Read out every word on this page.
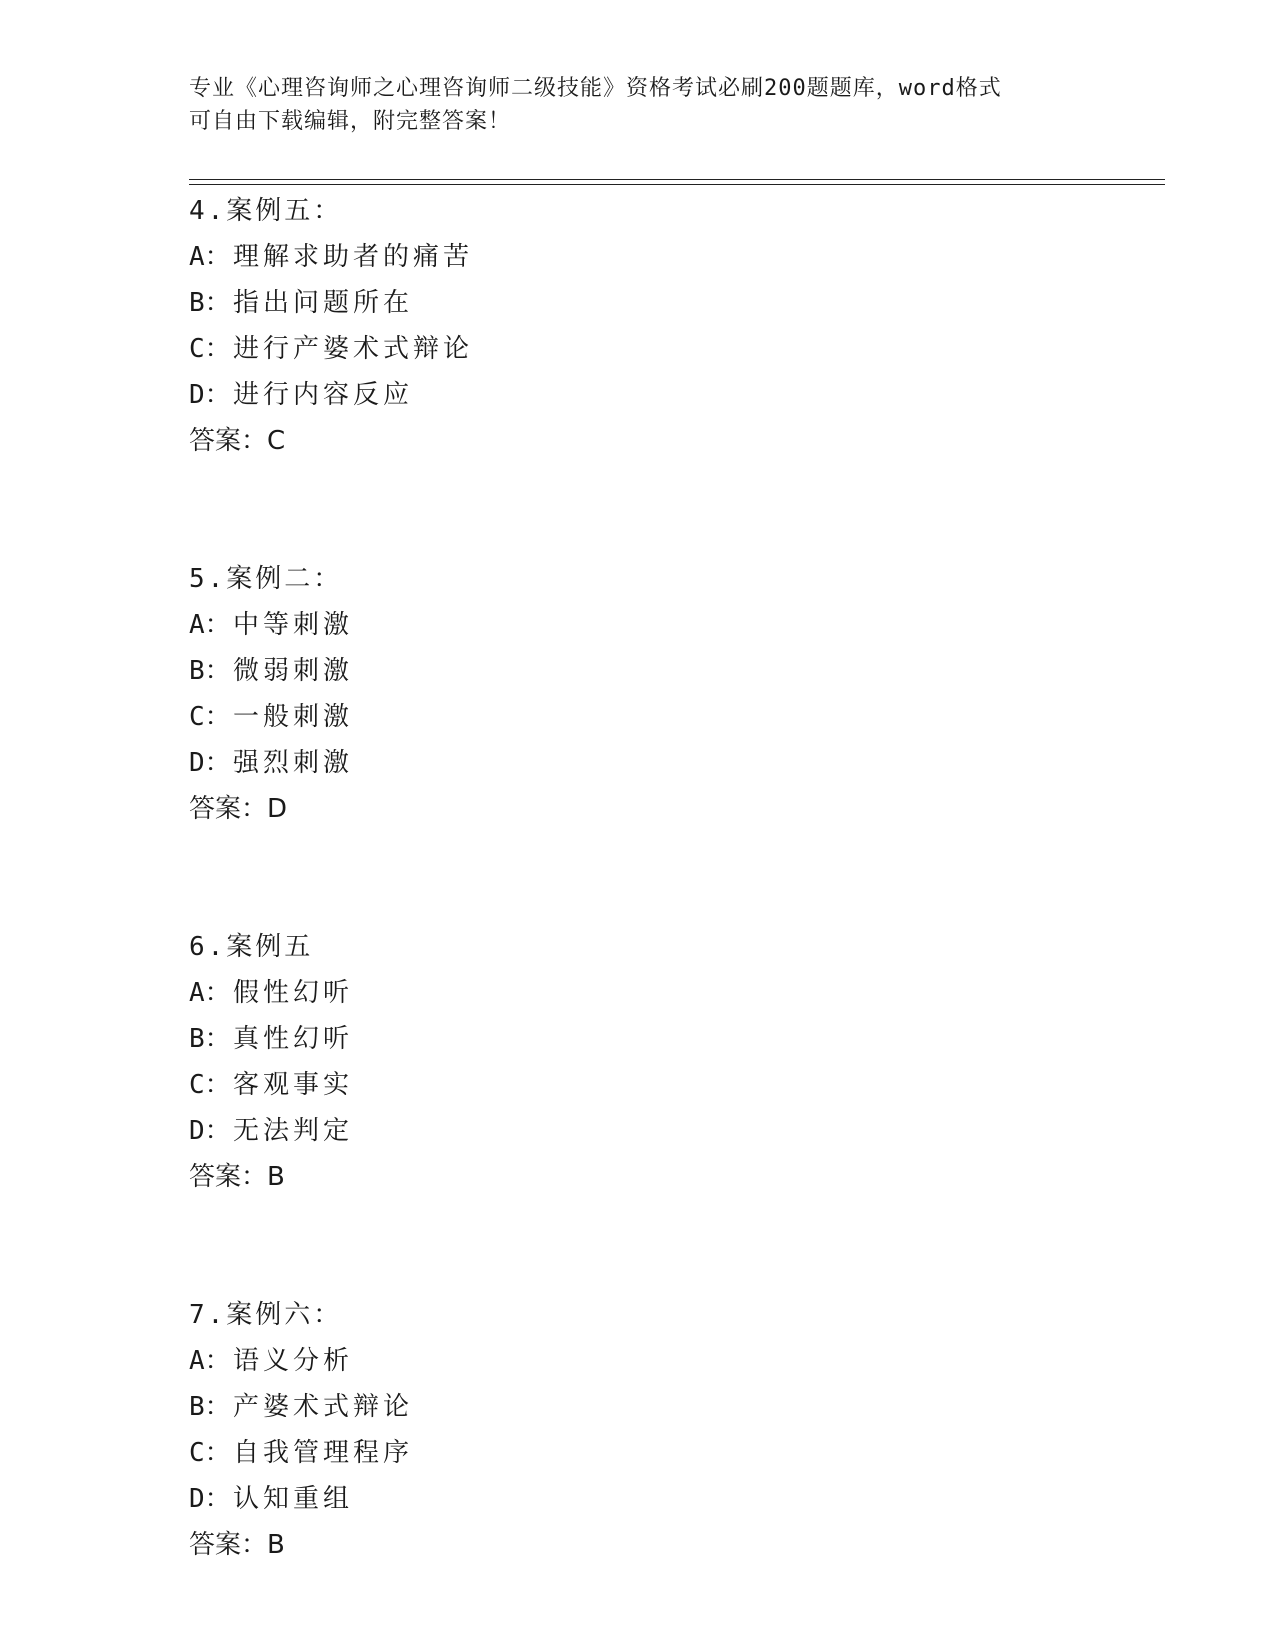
专业《心理咨询师之心理咨询师二级技能》资格考试必刷200题题库，word格式
可自由下载编辑，附完整答案！
4.案例五：
A：理解求助者的痛苦
B：指出问题所在
C：进行产婆术式辩论
D：进行内容反应
答案：C
5.案例二：
A：中等刺激
B：微弱刺激
C：一般刺激
D：强烈刺激
答案：D
6.案例五
A：假性幻听
B：真性幻听
C：客观事实
D：无法判定
答案：B
7.案例六：
A：语义分析
B：产婆术式辩论
C：自我管理程序
D：认知重组
答案：B
